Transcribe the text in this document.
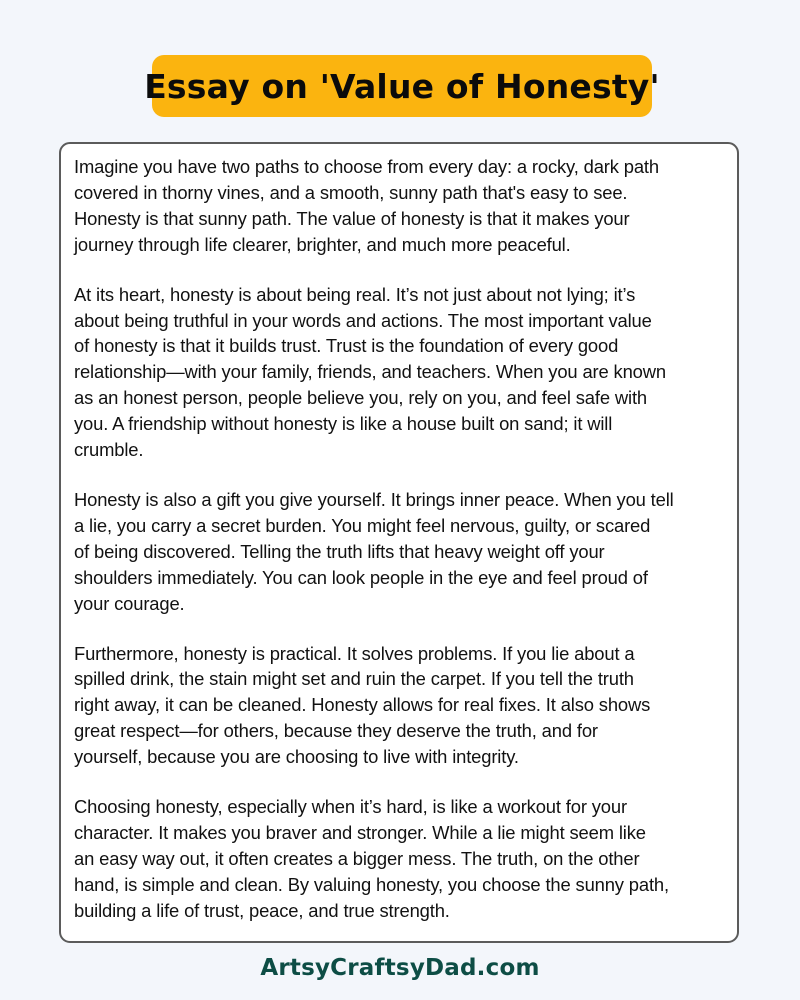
Essay on 'Value of Honesty'

Imagine you have two paths to choose from every day: a rocky, dark path
covered in thorny vines, and a smooth, sunny path that's easy to see.
Honesty is that sunny path. The value of honesty is that it makes your
journey through life clearer, brighter, and much more peaceful.

At its heart, honesty is about being real. It’s not just about not lying; it’s
about being truthful in your words and actions. The most important value
of honesty is that it builds trust. Trust is the foundation of every good
relationship—with your family, friends, and teachers. When you are known
as an honest person, people believe you, rely on you, and feel safe with
you. A friendship without honesty is like a house built on sand; it will
crumble.

Honesty is also a gift you give yourself. It brings inner peace. When you tell
a lie, you carry a secret burden. You might feel nervous, guilty, or scared
of being discovered. Telling the truth lifts that heavy weight off your
shoulders immediately. You can look people in the eye and feel proud of
your courage.

Furthermore, honesty is practical. It solves problems. If you lie about a
spilled drink, the stain might set and ruin the carpet. If you tell the truth
right away, it can be cleaned. Honesty allows for real fixes. It also shows
great respect—for others, because they deserve the truth, and for
yourself, because you are choosing to live with integrity.

Choosing honesty, especially when it’s hard, is like a workout for your
character. It makes you braver and stronger. While a lie might seem like
an easy way out, it often creates a bigger mess. The truth, on the other
hand, is simple and clean. By valuing honesty, you choose the sunny path,
building a life of trust, peace, and true strength.

ArtsyCraftsyDad.com
